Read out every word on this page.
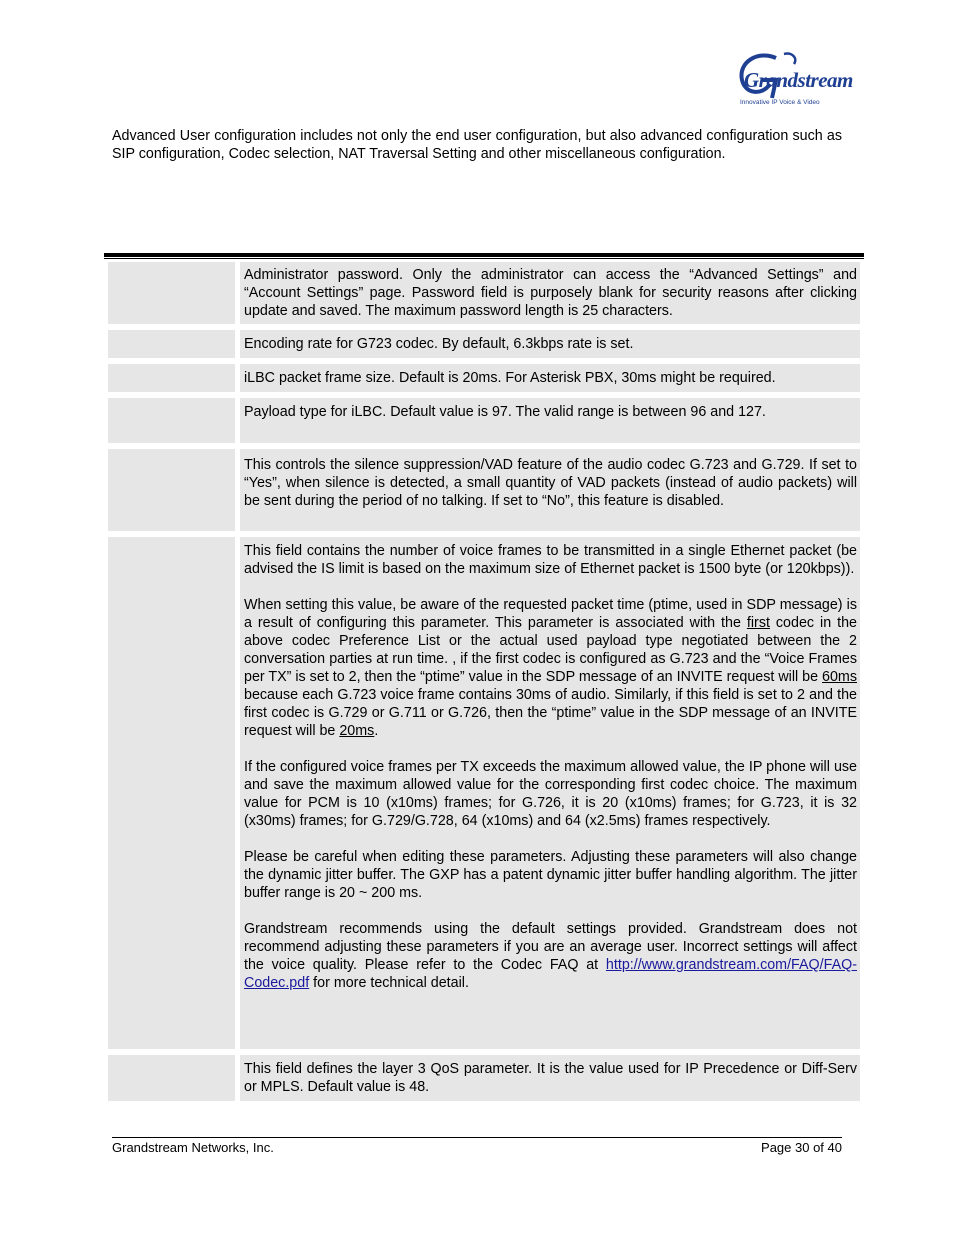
Grandstream
Innovative IP Voice & Video

Advanced User configuration includes not only the end user configuration, but also advanced configuration such as SIP configuration, Codec selection, NAT Traversal Setting and other miscellaneous configuration.

Administrator password. Only the administrator can access the “Advanced Settings” and “Account Settings” page. Password field is purposely blank for security reasons after clicking update and saved. The maximum password length is 25 characters.
Encoding rate for G723 codec. By default, 6.3kbps rate is set.
iLBC packet frame size. Default is 20ms. For Asterisk PBX, 30ms might be required.
Payload type for iLBC. Default value is 97. The valid range is between 96 and 127.
This controls the silence suppression/VAD feature of the audio codec G.723 and G.729. If set to “Yes”, when silence is detected, a small quantity of VAD packets (instead of audio packets) will be sent during the period of no talking. If set to “No”, this feature is disabled.

This field contains the number of voice frames to be transmitted in a single Ethernet packet (be advised the IS limit is based on the maximum size of Ethernet packet is 1500 byte (or 120kbps)).

When setting this value, be aware of the requested packet time (ptime, used in SDP message) is a result of configuring this parameter. This parameter is associated with the first codec in the above codec Preference List or the actual used payload type negotiated between the 2 conversation parties at run time. , if the first codec is configured as G.723 and the “Voice Frames per TX” is set to 2, then the “ptime” value in the SDP message of an INVITE request will be 60ms because each G.723 voice frame contains 30ms of audio. Similarly, if this field is set to 2 and the first codec is G.729 or G.711 or G.726, then the “ptime” value in the SDP message of an INVITE request will be 20ms.

If the configured voice frames per TX exceeds the maximum allowed value, the IP phone will use and save the maximum allowed value for the corresponding first codec choice. The maximum value for PCM is 10 (x10ms) frames; for G.726, it is 20 (x10ms) frames; for G.723, it is 32 (x30ms) frames; for G.729/G.728, 64 (x10ms) and 64 (x2.5ms) frames respectively.

Please be careful when editing these parameters. Adjusting these parameters will also change the dynamic jitter buffer. The GXP has a patent dynamic jitter buffer handling algorithm. The jitter buffer range is 20 ~ 200 ms.

Grandstream recommends using the default settings provided. Grandstream does not recommend adjusting these parameters if you are an average user. Incorrect settings will affect the voice quality. Please refer to the Codec FAQ at http://www.grandstream.com/FAQ/FAQ-Codec.pdf for more technical detail.

This field defines the layer 3 QoS parameter. It is the value used for IP Precedence or Diff-Serv or MPLS. Default value is 48.
Grandstream Networks, Inc.	Page 30 of 40
